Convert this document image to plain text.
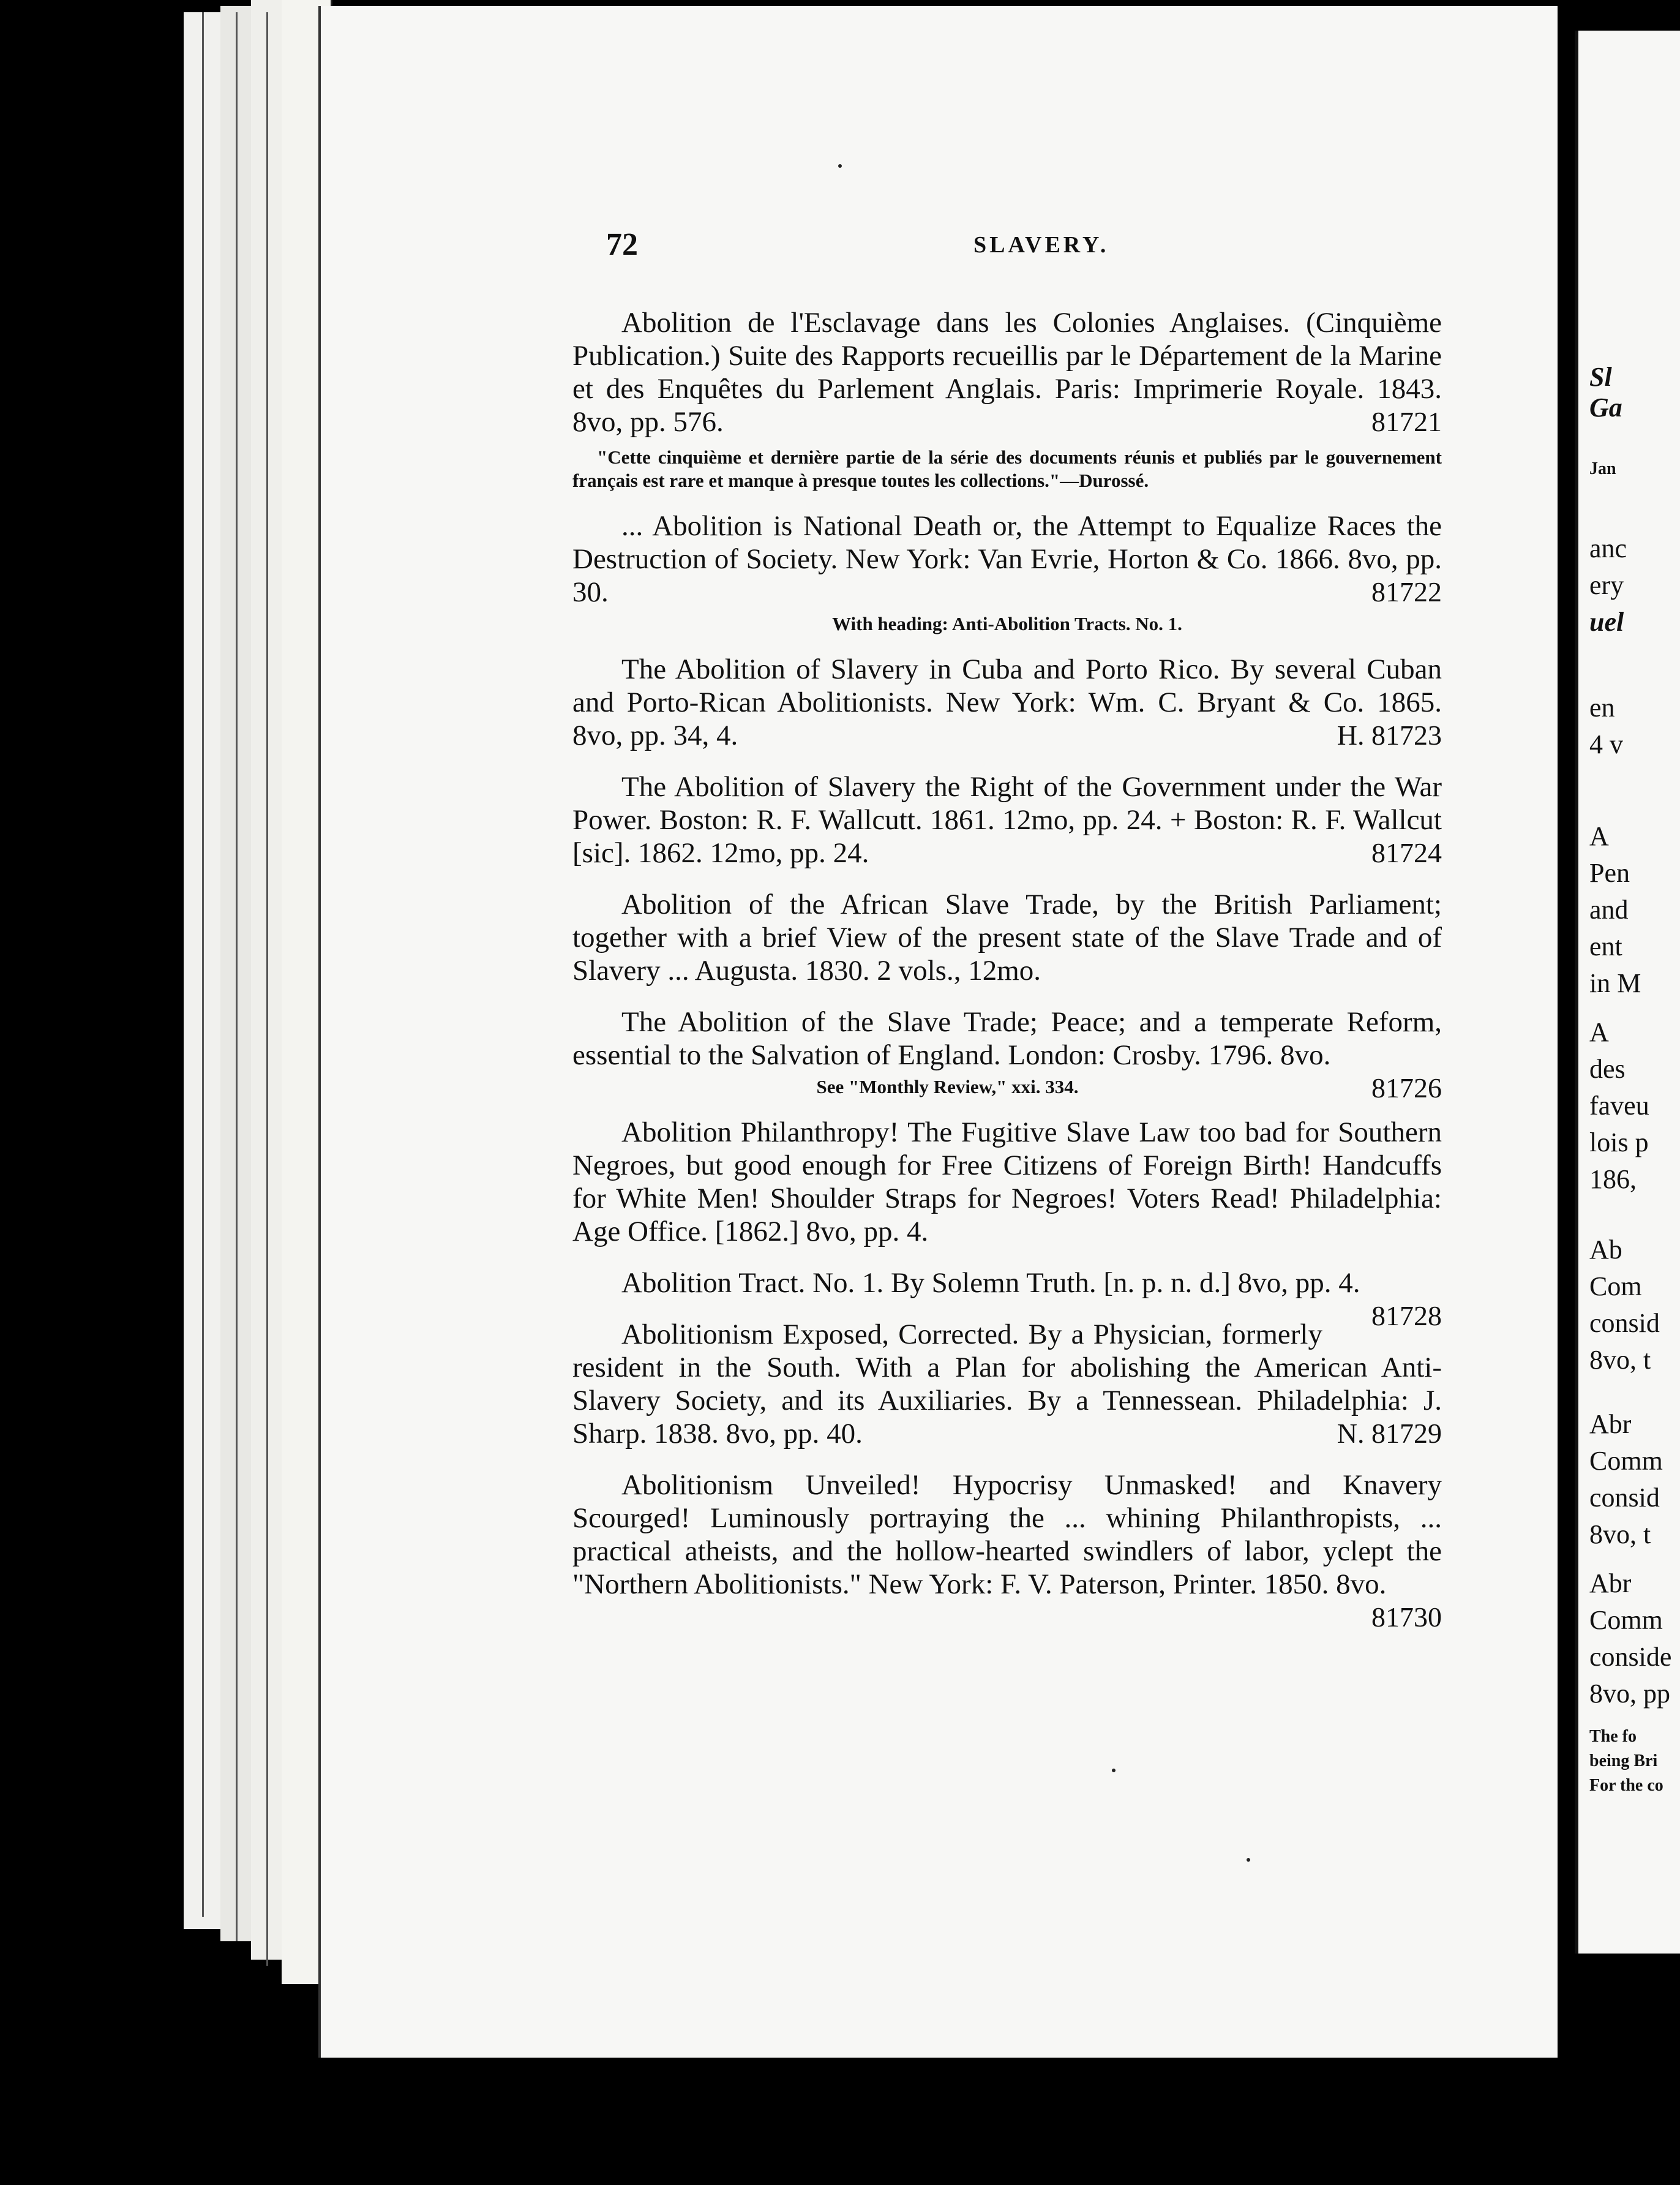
72	SLAVERY.
Abolition de l'Esclavage dans les Colonies Anglaises. (Cinquième Publication.) Suite des Rapports recueillis par le Département de la Marine et des Enquêtes du Parlement Anglais. Paris: Imprimerie Royale. 1843. 8vo, pp. 576.	81721
"Cette cinquième et dernière partie de la série des documents réunis et publiés par le gouvernement français est rare et manque à presque toutes les collections."—Durossé.
... Abolition is National Death or, the Attempt to Equalize Races the Destruction of Society. New York: Van Evrie, Horton & Co. 1866. 8vo, pp. 30.	81722
With heading: Anti-Abolition Tracts. No. 1.
The Abolition of Slavery in Cuba and Porto Rico. By several Cuban and Porto-Rican Abolitionists. New York: Wm. C. Bryant & Co. 1865. 8vo, pp. 34, 4.	H. 81723
The Abolition of Slavery the Right of the Government under the War Power. Boston: R. F. Wallcutt. 1861. 12mo, pp. 24. + Boston: R. F. Wallcut [sic]. 1862. 12mo, pp. 24.	81724
Abolition of the African Slave Trade, by the British Parliament; together with a brief View of the present state of the Slave Trade and of Slavery ... Augusta. 1830. 2 vols., 12mo.
The Abolition of the Slave Trade; Peace; and a temperate Reform, essential to the Salvation of England. London: Crosby. 1796. 8vo.
81726
See "Monthly Review," xxi. 334.
Abolition Philanthropy! The Fugitive Slave Law too bad for Southern Negroes, but good enough for Free Citizens of Foreign Birth! Handcuffs for White Men! Shoulder Straps for Negroes! Voters Read! Philadelphia: Age Office. [1862.] 8vo, pp. 4.
Abolition Tract. No. 1. By Solemn Truth. [n. p. n. d.] 8vo, pp. 4.
81728
Abolitionism Exposed, Corrected. By a Physician, formerly resident in the South. With a Plan for abolishing the American Anti-Slavery Society, and its Auxiliaries. By a Tennessean. Philadelphia: J. Sharp. 1838. 8vo, pp. 40.	N. 81729
Abolitionism Unveiled! Hypocrisy Unmasked! and Knavery Scourged! Luminously portraying the ... whining Philanthropists, ... practical atheists, and the hollow-hearted swindlers of labor, yclept the "Northern Abolitionists." New York: F. V. Paterson, Printer. 1850. 8vo.
81730
Sl
Ga
Jan
anc
ery
uel
en
4 v
A
Pen
and
ent
in M
A
des
faveu
lois p
186,
Ab
Com
consid
8vo, t
Abr
Comm
consid
8vo, t
Abr
Comm
conside
8vo, pp
The fo
being Bri
For the co
